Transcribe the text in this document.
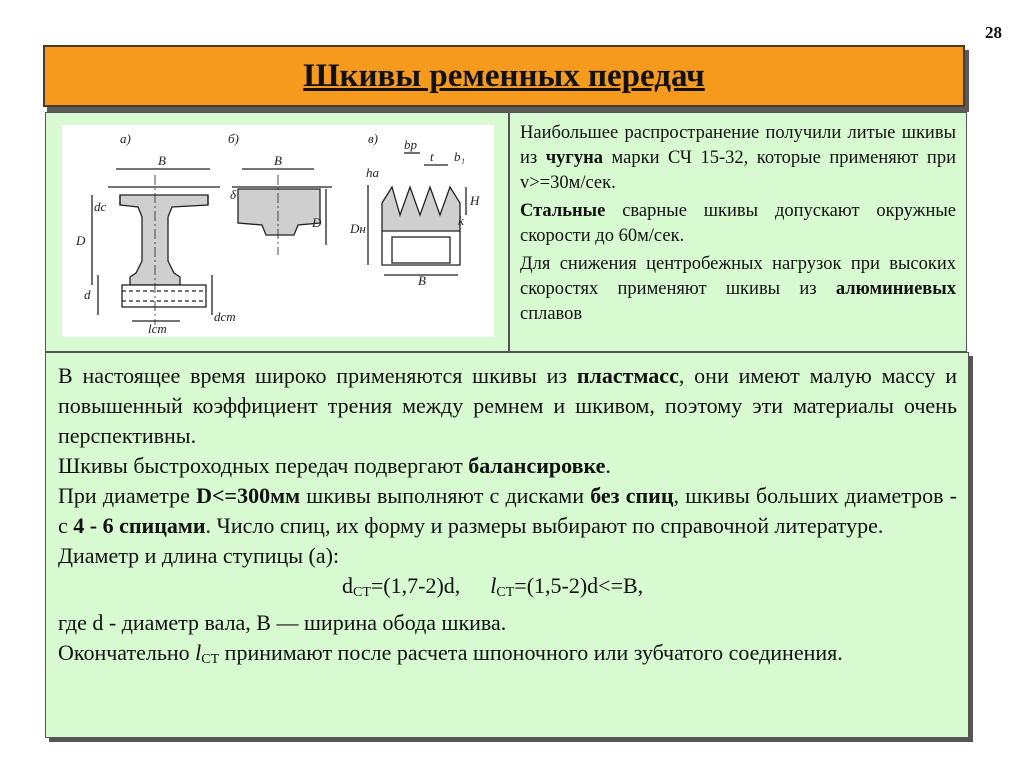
28
Шкивы ременных передач
а)	б)	в)
B	B
B
D
D Dн
d
dст
lст
dс
bр
t b₁
hа
H
k
δ

Наибольшее распространение получили литые шкивы из чугуна марки СЧ 15-32, которые применяют при v>=30м/сек.

Стальные сварные шкивы допускают окружные скорости до 60м/сек.

Для снижения центробежных нагрузок при высоких скоростях применяют шкивы из алюминиевых сплавов

В настоящее время широко применяются шкивы из пластмасс, они имеют малую массу и повышенный коэффициент трения между ремнем и шкивом, поэтому эти материалы очень перспективны.

Шкивы быстроходных передач подвергают балансировке.

При диаметре D<=300мм шкивы выполняют с дисками без спиц, шкивы больших диаметров - с 4 - 6 спицами. Число спиц, их форму и размеры выбирают по справочной литературе.

Диаметр и длина ступицы (а):

$d_{CT}=(1,7-2)d$, $l_{CT}=(1,5-2)d<=B$,

где d - диаметр вала, B — ширина обода шкива.

Окончательно $l_{CT}$ принимают после расчета шпоночного или зубчатого соединения.
